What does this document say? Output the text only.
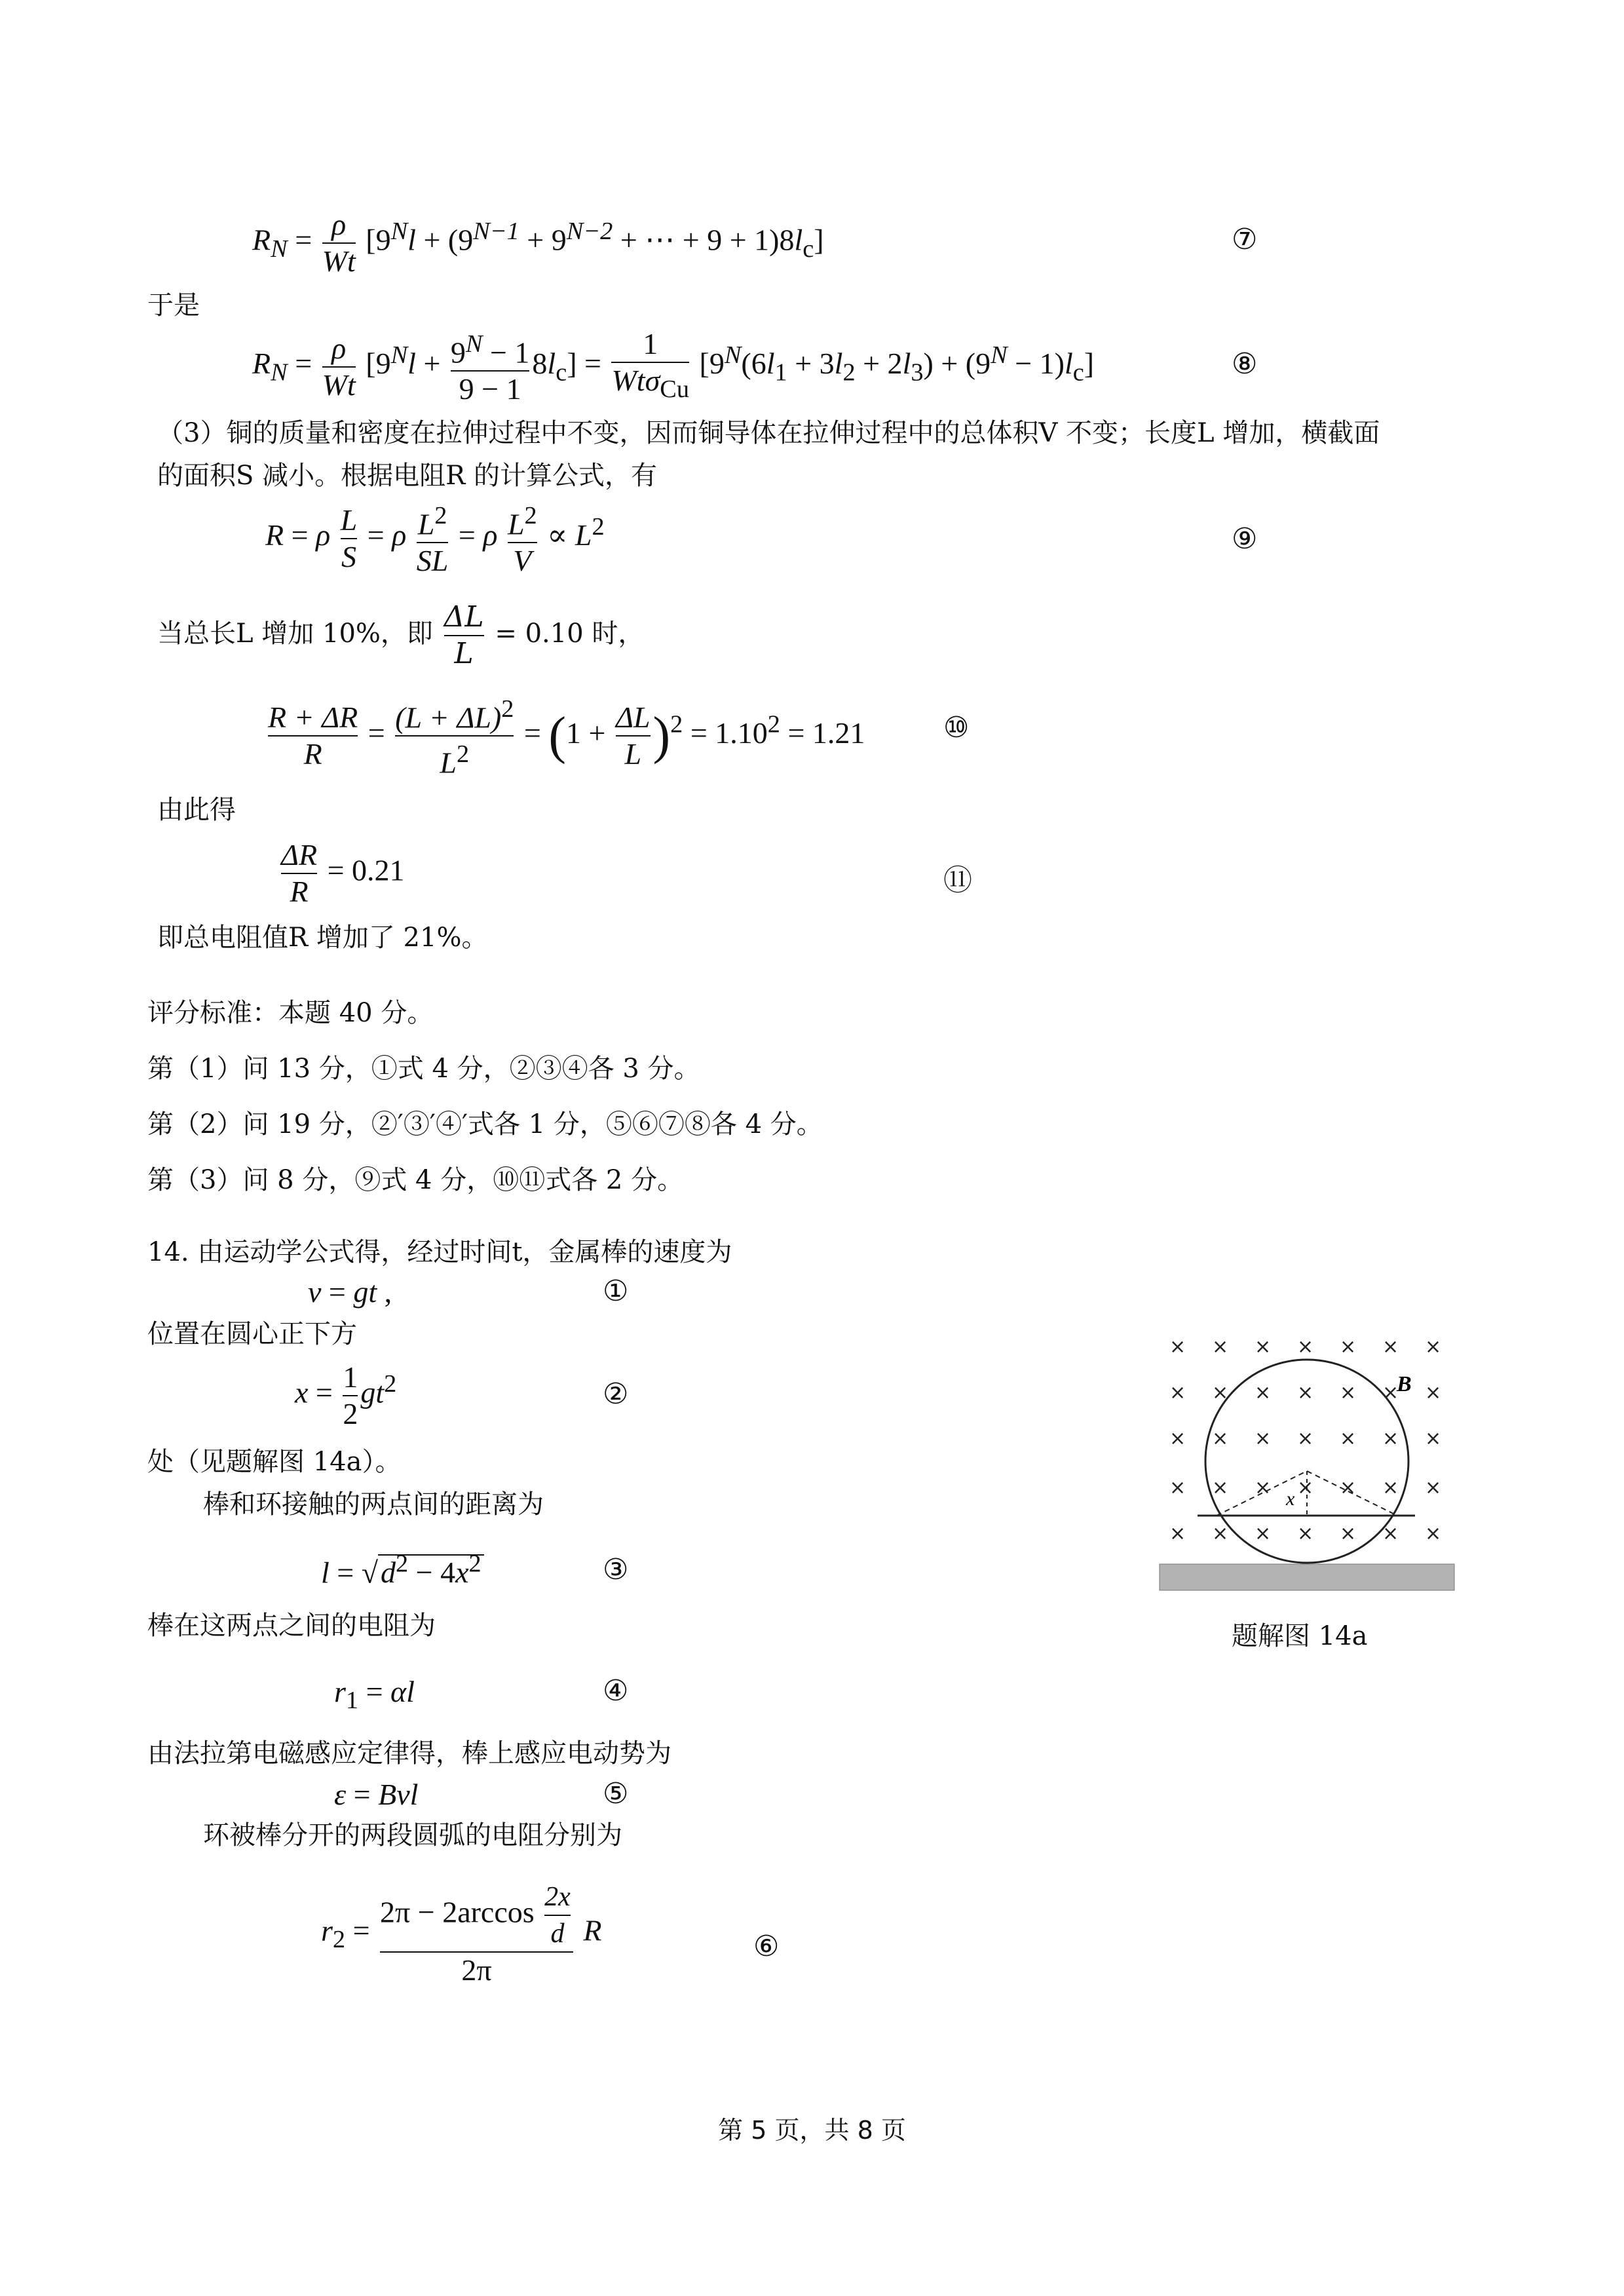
$R_N = \frac{\rho}{Wt} [9^Nl + (9^{N-1} + 9^{N-2}$ + ⋯ + $9 + 1)8l_c$]	⑦
于是
$R_N = \frac{\rho}{Wt} [9^Nl + \frac{9^N - 1}{9 - 1} 8l_c] = \frac{1}{Wt\sigma_{Cu}} [9^N(6l_1 + 3l_2 + 2l_3) + (9^N - 1)l_c]$	⑧
（3）铜的质量和密度在拉伸过程中不变，因而铜导体在拉伸过程中的总体积V 不变；长度L 增加，横截面
的面积S 减小。根据电阻R 的计算公式，有
R = ρ $\frac{L}{S} = \rho \frac{L^2}{SL} = \rho \frac{L^2}{V} \propto L^2$	⑨
当总长L 增加 10%，即 $\frac{\Delta L}{L} = 0.10$ 时，
$\frac{R + \Delta R}{R} = \frac{(L + \Delta L)^2}{L^2} = (1 + \frac{\Delta L}{L} )^2 = 1.10^2 = 1.21$	⑩
由此得
$\frac{\Delta R}{R} = 0.21$	⑪
即总电阻值R 增加了 21%。
评分标准：本题 40 分。
第（1）问 13 分，①式 4 分，②③④各 3 分。
第（2）问 19 分，②′③′④′式各 1 分，⑤⑥⑦⑧各 4 分。
第（3）问 8 分，⑨式 4 分，⑩⑪式各 2 分。
14. 由运动学公式得，经过时间t，金属棒的速度为
v = gt ,	①
位置在圆心正下方
$x = \frac{1}{2} gt^2$	②
处（见题解图 14a）。
棒和环接触的两点间的距离为
$l = √d^2 - 4x^2$	③
棒在这两点之间的电阻为
$r_1 = \alpha l$	④
由法拉第电磁感应定律得，棒上感应电动势为
ε = Bvl	⑤
环被棒分开的两段圆弧的电阻分别为
$r_2 = \frac{2\pi - 2\arccos \frac{2x}{d}}{2\pi}$ R	⑥
× × × × × × ×
× × × × × × ×
× × × × × × ×
× × × × × × ×
× × × × × × ×
x
B
题解图 14a
第 5 页，共 8 页
